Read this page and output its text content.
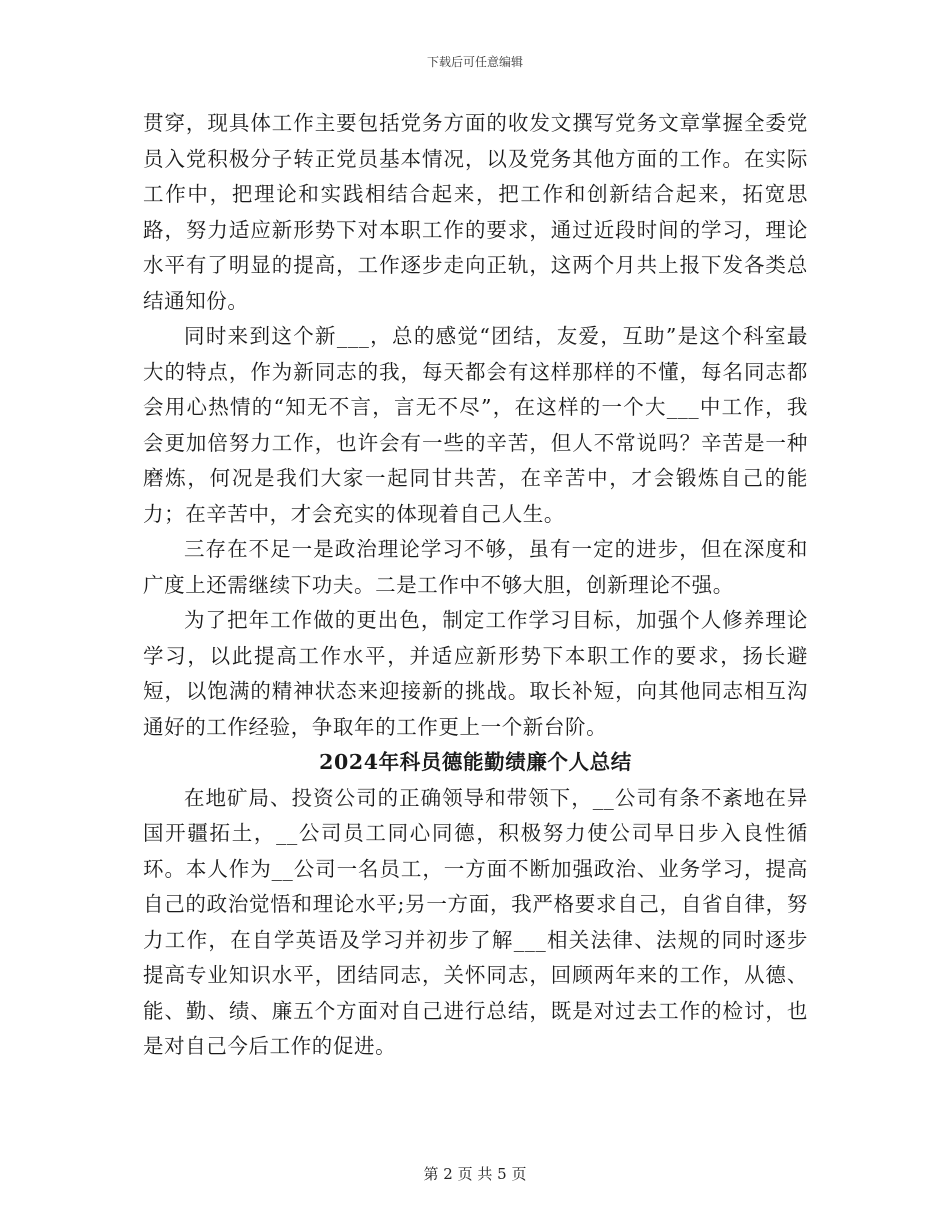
下载后可任意编辑

贯穿，现具体工作主要包括党务方面的收发文撰写党务文章掌握全委党员入党积极分子转正党员基本情况，以及党务其他方面的工作。在实际工作中，把理论和实践相结合起来，把工作和创新结合起来，拓宽思路，努力适应新形势下对本职工作的要求，通过近段时间的学习，理论水平有了明显的提高，工作逐步走向正轨，这两个月共上报下发各类总结通知份。

同时来到这个新___，总的感觉“团结，友爱，互助”是这个科室最大的特点，作为新同志的我，每天都会有这样那样的不懂，每名同志都会用心热情的“知无不言，言无不尽”，在这样的一个大___中工作，我会更加倍努力工作，也许会有一些的辛苦，但人不常说吗？辛苦是一种磨炼，何况是我们大家一起同甘共苦，在辛苦中，才会锻炼自己的能力；在辛苦中，才会充实的体现着自己人生。

三存在不足一是政治理论学习不够，虽有一定的进步，但在深度和广度上还需继续下功夫。二是工作中不够大胆，创新理论不强。

为了把年工作做的更出色，制定工作学习目标，加强个人修养理论学习，以此提高工作水平，并适应新形势下本职工作的要求，扬长避短，以饱满的精神状态来迎接新的挑战。取长补短，向其他同志相互沟通好的工作经验，争取年的工作更上一个新台阶。

2024年科员德能勤绩廉个人总结

在地矿局、投资公司的正确领导和带领下，__公司有条不紊地在异国开疆拓土，__公司员工同心同德，积极努力使公司早日步入良性循环。本人作为__公司一名员工，一方面不断加强政治、业务学习，提高自己的政治觉悟和理论水平;另一方面，我严格要求自己，自省自律，努力工作，在自学英语及学习并初步了解___相关法律、法规的同时逐步提高专业知识水平，团结同志，关怀同志，回顾两年来的工作，从德、能、勤、绩、廉五个方面对自己进行总结，既是对过去工作的检讨，也是对自己今后工作的促进。

第 2 页 共 5 页
